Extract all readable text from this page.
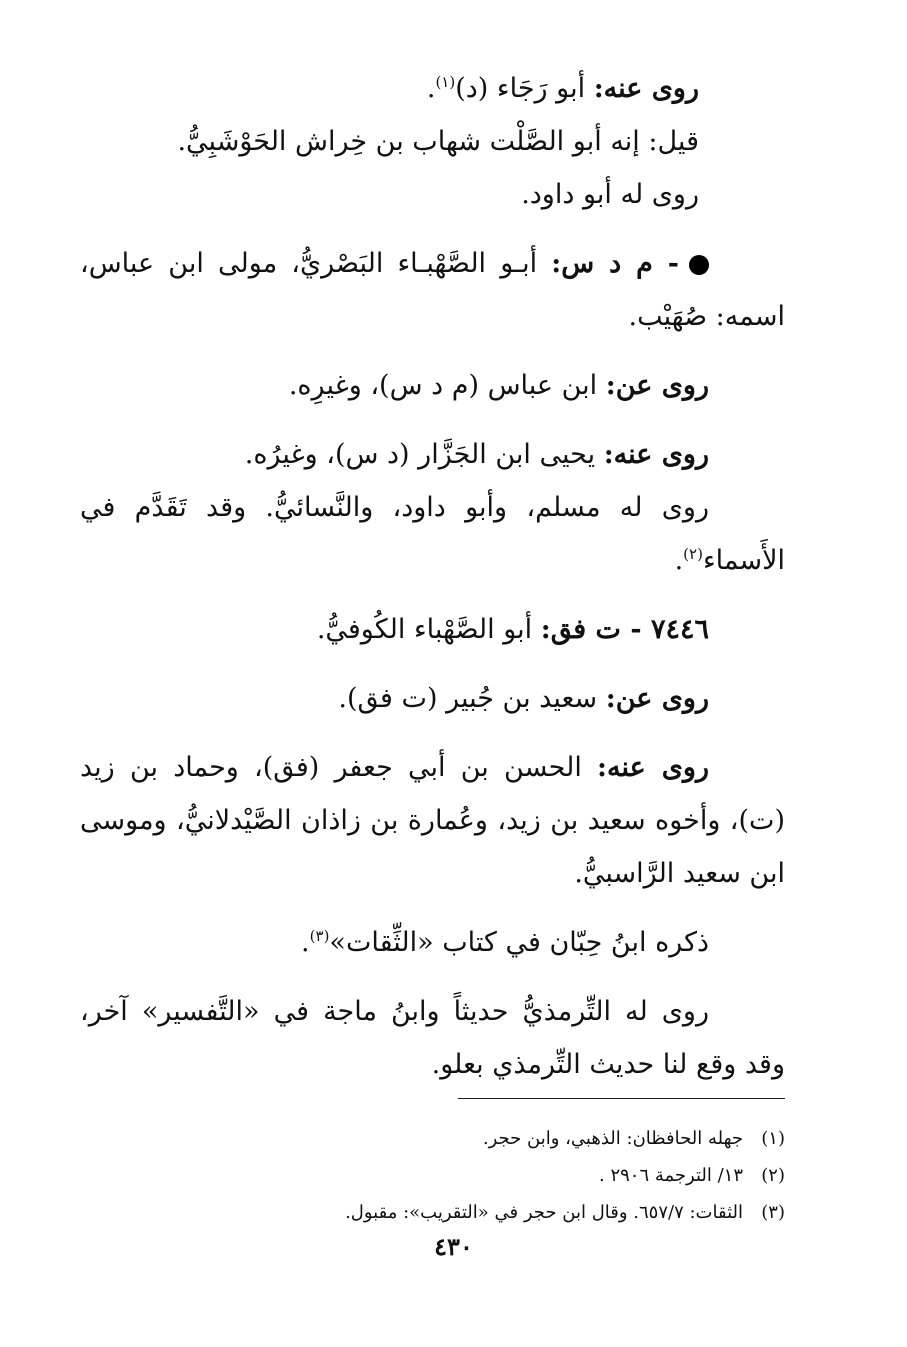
روى عنه: أبو رَجَاء (د)$^{(١)}$.

قيل: إنه أبو الصَّلْت شهاب بن خِراش الحَوْشَبِيُّ.

روى له أبو داود.

- م د س: أبـو الصَّهْبـاء البَصْريُّ، مولى ابن عباس، اسمه: صُهَيْب.

روى عن: ابن عباس (م د س)، وغيرِه.

روى عنه: يحيى ابن الجَزَّار (د س)، وغيرُه.

روى له مسلم، وأبو داود، والنَّسائيُّ. وقد تَقَدَّم في الأَسماء$^{(٢)}$.

٧٤٤٦ - ت فق: أبو الصَّهْباء الكُوفيُّ.

روى عن: سعيد بن جُبير (ت فق).

روى عنه: الحسن بن أبي جعفر (فق)، وحماد بن زيد (ت)، وأخوه سعيد بن زيد، وعُمارة بن زاذان الصَّيْدلانيُّ، وموسى ابن سعيد الرَّاسبيُّ.

ذكره ابنُ حِبّان في كتاب «الثِّقات»$^{(٣)}$.

روى له التِّرمذيُّ حديثاً وابنُ ماجة في «التَّفسير» آخر، وقد وقع لنا حديث التِّرمذي بعلو.

(١)جهله الحافظان: الذهبي، وابن حجر.

(٢)١٣/ الترجمة ٢٩٠٦ .

(٣)الثقات: ٦٥٧/٧. وقال ابن حجر في «التقريب»: مقبول.

٤٣٠
